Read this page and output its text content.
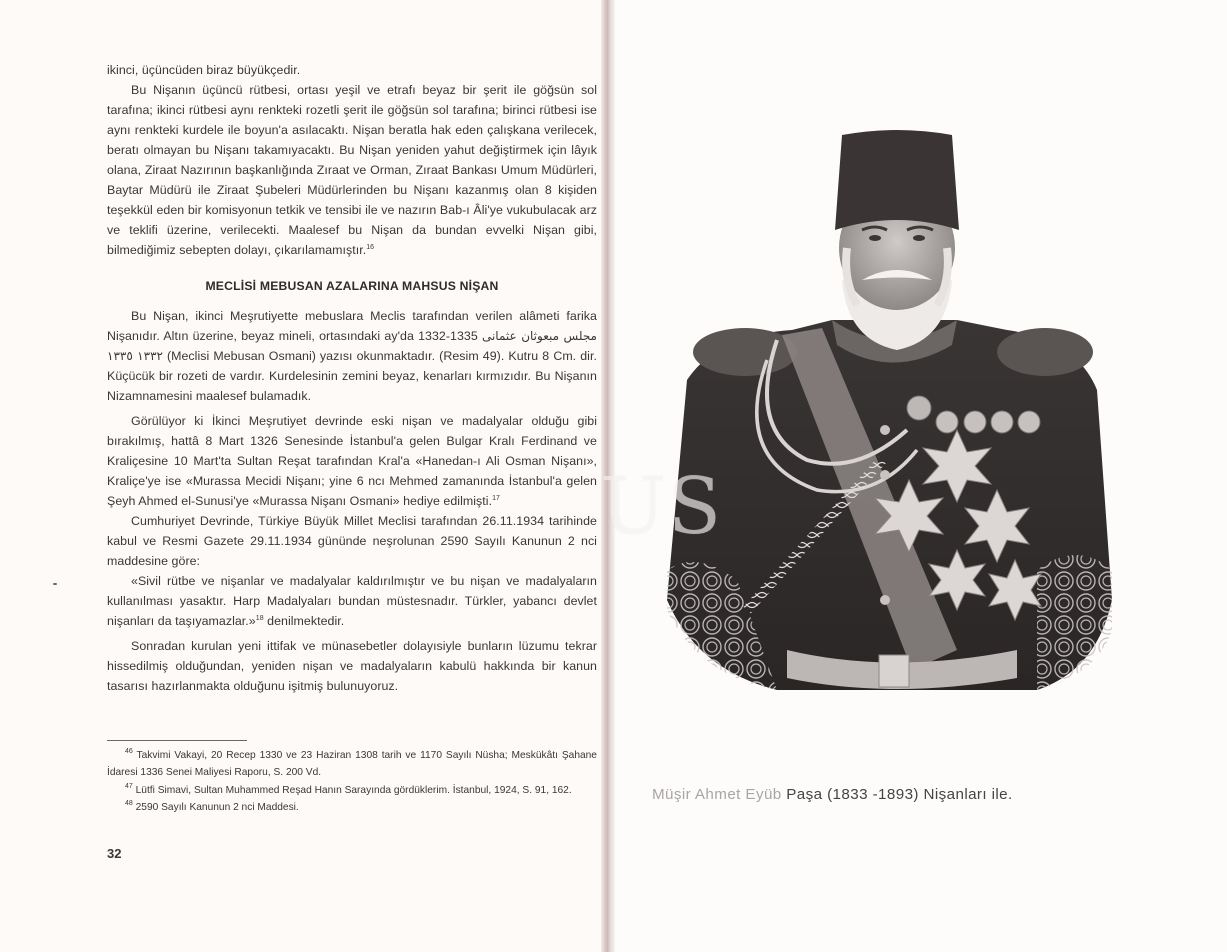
ikinci, üçüncüden biraz büyükçedir.

Bu Nişanın üçüncü rütbesi, ortası yeşil ve etrafı beyaz bir şerit ile göğsün sol tarafına; ikinci rütbesi aynı renkteki rozetli şerit ile göğsün sol tarafına; birinci rütbesi ise aynı renkteki kurdele ile boyun'a asılacaktı. Nişan beratla hak eden çalışkana verilecek, beratı olmayan bu Nişanı takamıyacaktı. Bu Nişan yeniden yahut değiştirmek için lâyık olana, Ziraat Nazırının başkanlığında Zıraat ve Orman, Zıraat Bankası Umum Müdürleri, Baytar Müdürü ile Ziraat Şubeleri Müdürlerinden bu Nişanı kazanmış olan 8 kişiden teşekkül eden bir komisyonun tetkik ve tensibi ile ve nazırın Bab-ı Âli'ye vukubulacak arz ve teklifi üzerine, verilecekti. Maalesef bu Nişan da bundan evvelki Nişan gibi, bilmediğimiz sebepten dolayı, çıkarılamamıştır.$^{16}$

MECLİSİ MEBUSAN AZALARINA MAHSUS NİŞAN

Bu Nişan, ikinci Meşrutiyette mebuslara Meclis tarafından verilen alâmeti farika Nişanıdır. Altın üzerine, beyaz mineli, ortasındaki ay'da 1332-1335 مجلس مبعوثان عثمانی ١٣٣٢ ١٣٣٥ (Meclisi Mebusan Osmani) yazısı okunmaktadır. (Resim 49). Kutru 8 Cm. dir. Küçücük bir rozeti de vardır. Kurdelesinin zemini beyaz, kenarları kırmızıdır. Bu Nişanın Nizamnamesini maalesef bulamadık.

Görülüyor ki İkinci Meşrutiyet devrinde eski nişan ve madalyalar olduğu gibi bırakılmış, hattâ 8 Mart 1326 Senesinde İstanbul'a gelen Bulgar Kralı Ferdinand ve Kraliçesine 10 Mart'ta Sultan Reşat tarafından Kral'a «Hanedan-ı Ali Osman Nişanı», Kraliçe'ye ise «Murassa Mecidi Nişanı; yine 6 ncı Mehmed zamanında İstanbul'a gelen Şeyh Ahmed el-Sunusi'ye «Murassa Nişanı Osmani» hediye edilmişti.$^{17}$

Cumhuriyet Devrinde, Türkiye Büyük Millet Meclisi tarafından 26.11.1934 tarihinde kabul ve Resmi Gazete 29.11.1934 gününde neşrolunan 2590 Sayılı Kanunun 2 nci maddesine göre:

«Sivil rütbe ve nişanlar ve madalyalar kaldırılmıştır ve bu nişan ve madalyaların kullanılması yasaktır. Harp Madalyaları bundan müstesnadır. Türkler, yabancı devlet nişanları da taşıyamazlar.»$^{18}$ denilmektedir.

Sonradan kurulan yeni ittifak ve münasebetler dolayısiyle bunların lüzumu tekrar hissedilmiş olduğundan, yeniden nişan ve madalyaların kabulü hakkında bir kanun tasarısı hazırlanmakta olduğunu işitmiş bulunuyoruz.

$^{46}$ Takvimi Vakayi, 20 Recep 1330 ve 23 Haziran 1308 tarih ve 1170 Sayılı Nüsha; Meskükâtı Şahane İdaresi 1336 Senei Maliyesi Raporu, S. 200 Vd.

$^{47}$ Lütfi Simavi, Sultan Muhammed Reşad Hanın Sarayında gördüklerim. İstanbul, 1924, S. 91, 162.

$^{48}$ 2590 Sayılı Kanunun 2 nci Maddesi.

32
US
Müşir Ahmet Eyüb Paşa (1833 -1893) Nişanları ile.
